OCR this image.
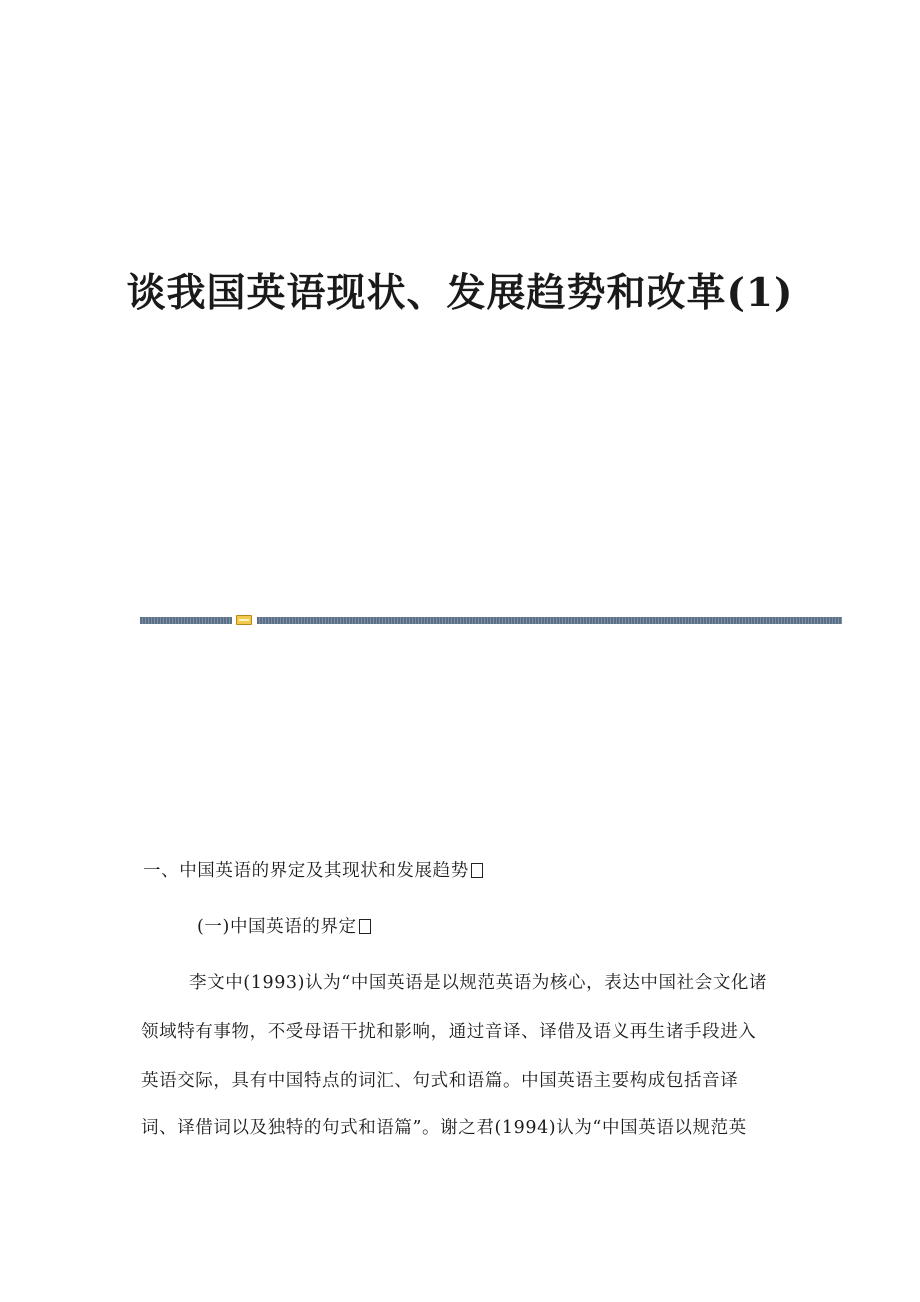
谈我国英语现状、发展趋势和改革(1)
一、中国英语的界定及其现状和发展趋势
(一)中国英语的界定
李文中(1993)认为“中国英语是以规范英语为核心，表达中国社会文化诸
领域特有事物，不受母语干扰和影响，通过音译、译借及语义再生诸手段进入
英语交际，具有中国特点的词汇、句式和语篇。中国英语主要构成包括音译
词、译借词以及独特的句式和语篇”。谢之君(1994)认为“中国英语以规范英
